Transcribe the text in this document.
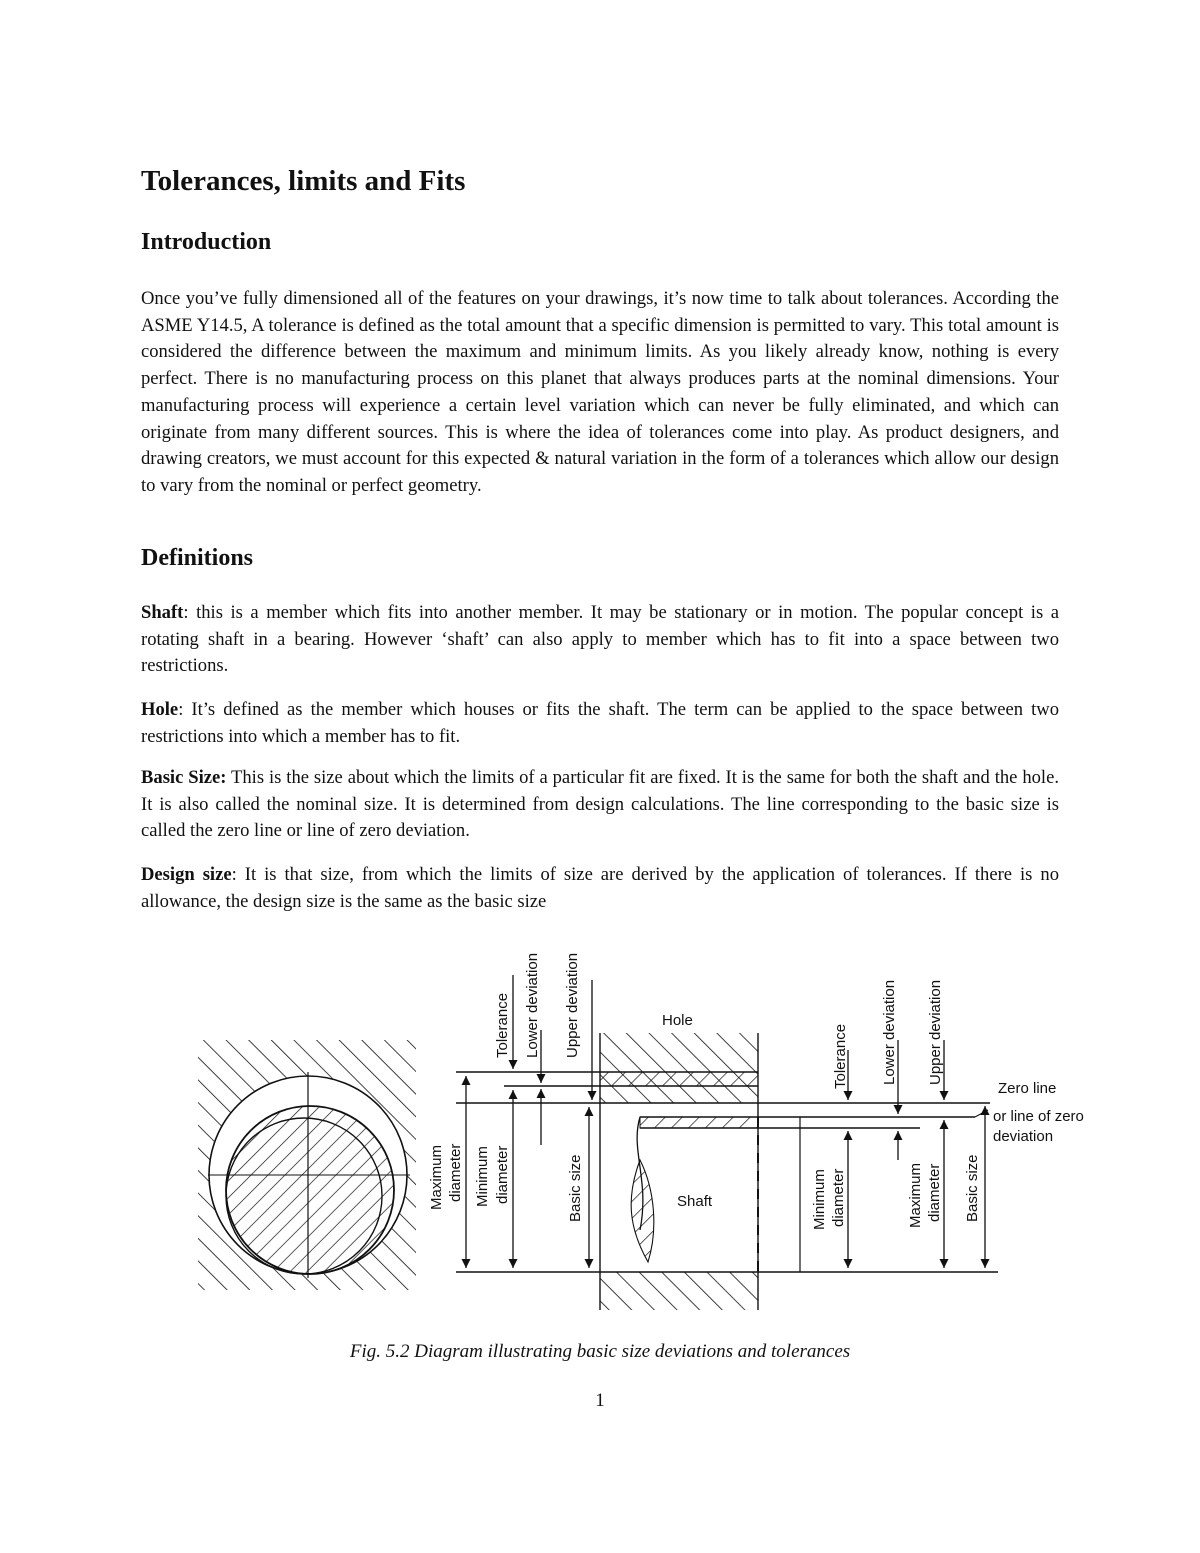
Tolerances, limits and Fits
Introduction

Once you’ve fully dimensioned all of the features on your drawings, it’s now time to talk about tolerances. According the ASME Y14.5, A tolerance is defined as the total amount that a specific dimension is permitted to vary. This total amount is considered the difference between the maximum and minimum limits. As you likely already know, nothing is every perfect. There is no manufacturing process on this planet that always produces parts at the nominal dimensions. Your manufacturing process will experience a certain level variation which can never be fully eliminated, and which can originate from many different sources. This is where the idea of tolerances come into play. As product designers, and drawing creators, we must account for this expected & natural variation in the form of a tolerances which allow our design to vary from the nominal or perfect geometry.

Definitions

Shaft: this is a member which fits into another member. It may be stationary or in motion. The popular concept is a rotating shaft in a bearing. However ‘shaft’ can also apply to member which has to fit into a space between two restrictions.

Hole: It’s defined as the member which houses or fits the shaft. The term can be applied to the space between two restrictions into which a member has to fit.

Basic Size: This is the size about which the limits of a particular fit are fixed. It is the same for both the shaft and the hole. It is also called the nominal size. It is determined from design calculations. The line corresponding to the basic size is called the zero line or line of zero deviation.

Design size: It is that size, from which the limits of size are derived by the application of tolerances. If there is no allowance, the design size is the same as the basic size

Hole
Shaft
Zero line
or line of zero
deviation
Tolerance Lower deviation Upper deviation
Maximum diameter Minimum diameter	Basic size
Tolerance Lower deviation Upper deviation
Minimum diameter	Maximum diameter Basic size

Fig. 5.2 Diagram illustrating basic size deviations and tolerances

1
